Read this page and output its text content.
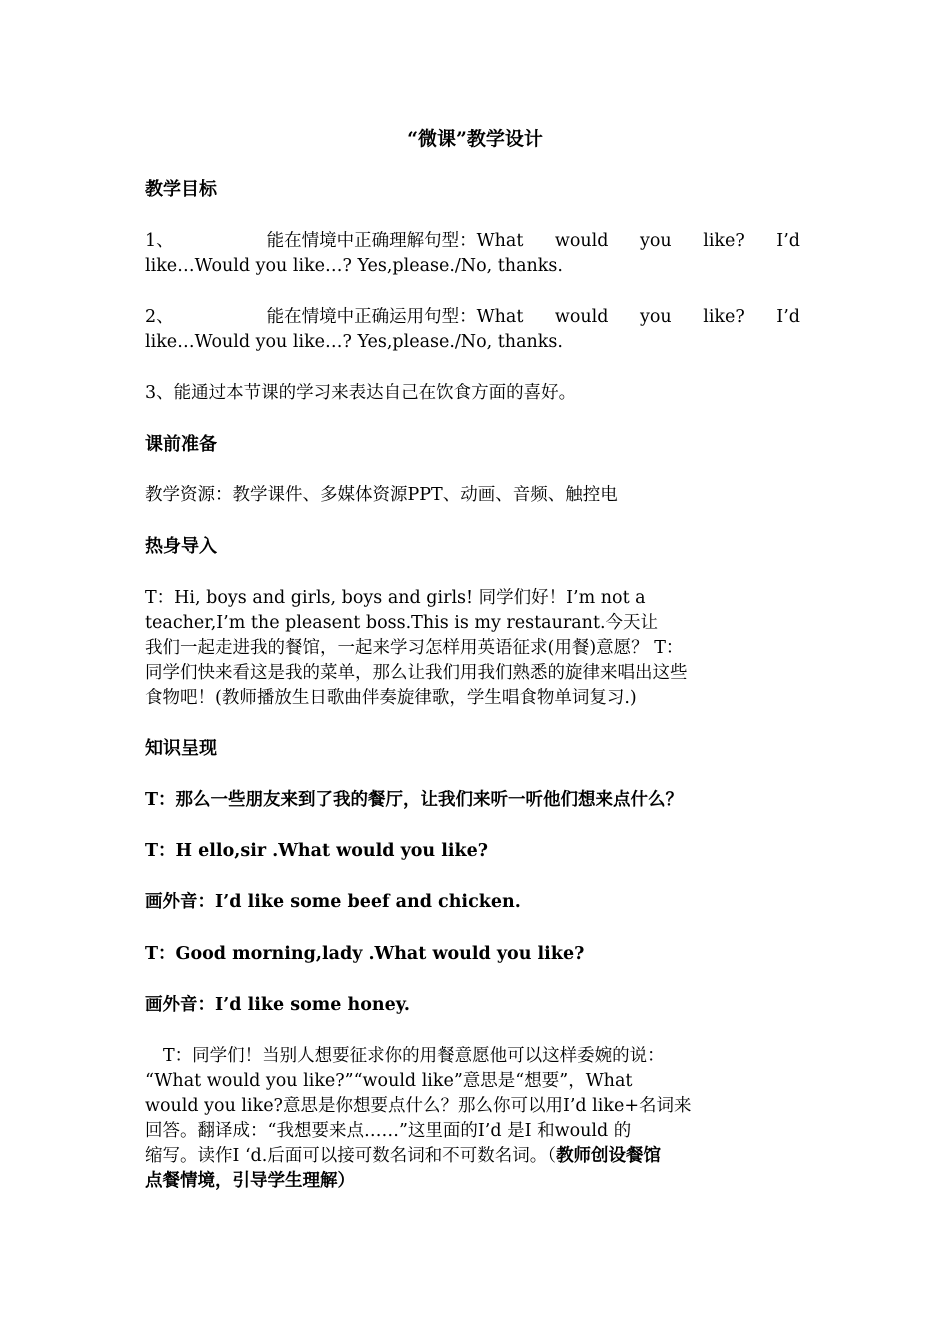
“微课”教学设计
教学目标
1、	能在情境中正确理解句型：What would you like? I’d
like…Would you like…? Yes,please./No, thanks.
2、	能在情境中正确运用句型：What would you like? I’d
like…Would you like…? Yes,please./No, thanks.
3、能通过本节课的学习来表达自己在饮食方面的喜好。
课前准备
教学资源：教学课件、多媒体资源PPT、动画、音频、触控电
热身导入
T：Hi, boys and girls, boys and girls! 同学们好！I’m not a
teacher,I’m the pleasent boss.This is my restaurant.今天让
我们一起走进我的餐馆，一起来学习怎样用英语征求(用餐)意愿？ T：
同学们快来看这是我的菜单，那么让我们用我们熟悉的旋律来唱出这些
食物吧！(教师播放生日歌曲伴奏旋律歌，学生唱食物单词复习.)
知识呈现
T：那么一些朋友来到了我的餐厅，让我们来听一听他们想来点什么？
T：H ello,sir .What would you like?
画外音：I’d like some beef and chicken.
T：Good morning,lady .What would you like?
画外音：I’d like some honey.
T：同学们！当别人想要征求你的用餐意愿他可以这样委婉的说：
“What would you like?”“would like”意思是“想要”，What
would you like?意思是你想要点什么？那么你可以用I’d like+名词来
回答。翻译成：“我想要来点……”这里面的I’d 是I 和would 的
缩写。读作I ‘d.后面可以接可数名词和不可数名词。（教师创设餐馆
点餐情境，引导学生理解）
